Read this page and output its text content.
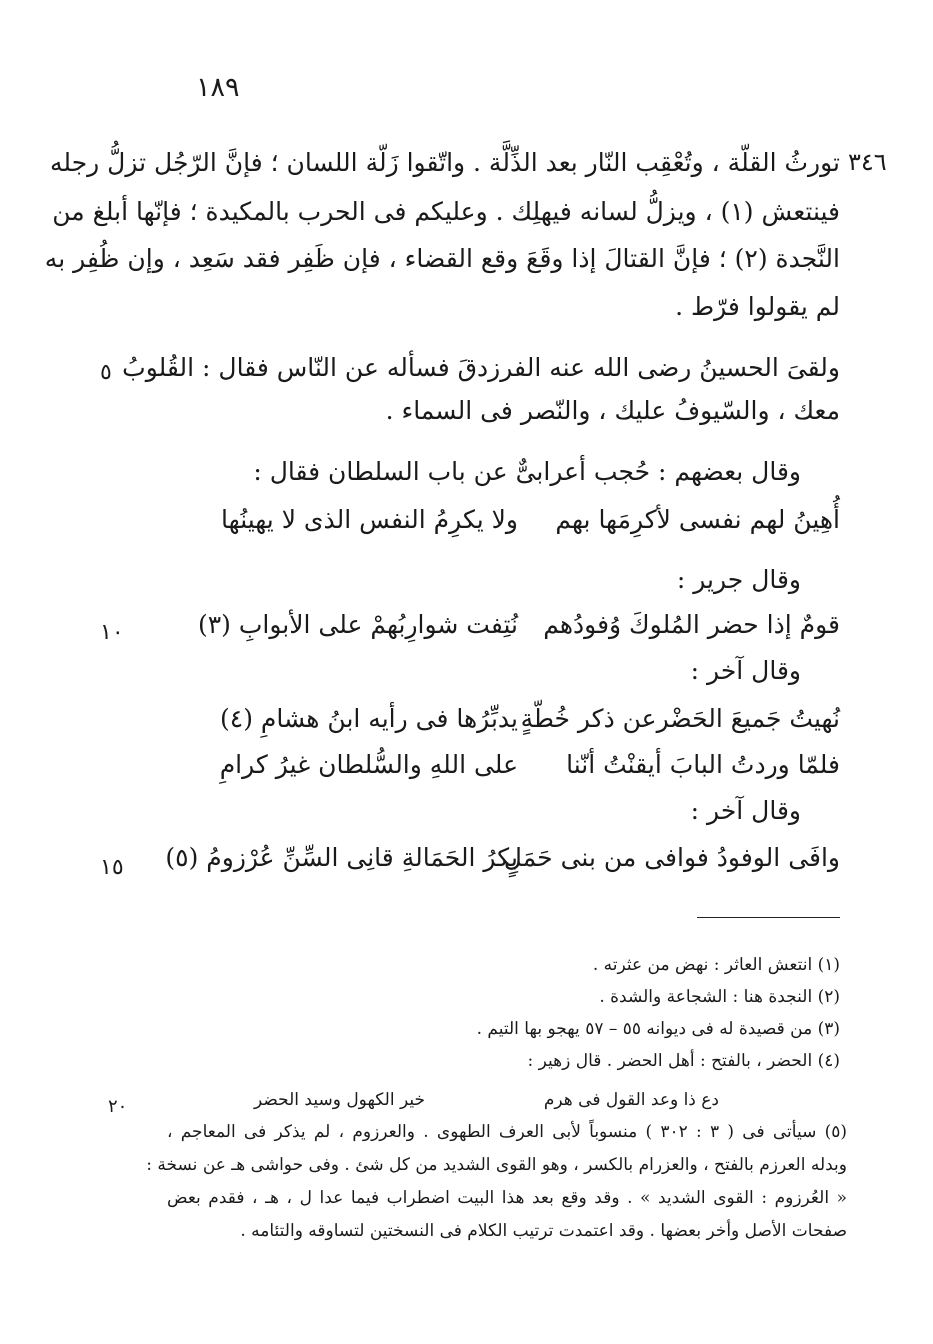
١٨٩
٣٤٦
تورثُ القلّة ، وتُعْقِب النّار بعد الذِّلَّة . واتّقوا زَلّة اللسان ؛ فإنَّ الرّجُل تزلُّ رجله
فينتعش (١) ، ويزلُّ لسانه فيهلِك . وعليكم فى الحرب بالمكيدة ؛ فإنّها أبلغ من
النَّجدة (٢) ؛ فإنَّ القتالَ إذا وقَعَ وقع القضاء ، فإن ظَفِر فقد سَعِد ، وإن ظُفِر به
لم يقولوا فرّط .
٥ ولقىَ الحسينُ رضى الله عنه الفرزدقَ فسأله عن النّاس فقال : القُلوبُ
معك ، والسّيوفُ عليك ، والنّصر فى السماء .
وقال بعضهم : حُجب أعرابىٌّ عن باب السلطان فقال :
أُهِينُ لهم نفسى لأكرِمَها بهم
ولا يكرِمُ النفس الذى لا يهينُها
وقال جرير :
١٠	قومٌ إذا حضر المُلوكَ وُفودُهم
نُتِفت شوارِبُهمْ على الأبوابِ (٣)
وقال آخر :
نُهيتُ جَميعَ الحَضْرعن ذكر خُطّةٍ
يدبِّرُها فى رأيه ابنُ هشامِ (٤)
فلمّا وردتُ البابَ أيقنْتُ أنّنا
على اللهِ والسُّلطان غيرُ كرامِ
وقال آخر :
١٥	وافَى الوفودُ فوافى من بنى حَمَلٍ
بِكرُ الحَمَالةِ قانِى السِّنِّ عُرْزومُ (٥)
(١) انتعش العاثر : نهض من عثرته .
(٢) النجدة هنا : الشجاعة والشدة .
(٣) من قصيدة له فى ديوانه ٥٥ – ٥٧ يهجو بها التيم .
(٤) الحضر ، بالفتح : أهل الحضر . قال زهير :
دع ذا وعد القول فى هرم
خير الكهول وسيد الحضر
٢٠
(٥) سيأتى فى ( ٣ : ٣٠٢ ) منسوباً لأبى العرف الطهوى . والعرزوم ، لم يذكر فى المعاجم ،
وبدله العرزم بالفتح ، والعزرام بالكسر ، وهو القوى الشديد من كل شئ . وفى حواشى هـ عن نسخة :
« العُرزوم : القوى الشديد » . وقد وقع بعد هذا البيت اضطراب فيما عدا ل ، هـ ، فقدم بعض
صفحات الأصل وأخر بعضها . وقد اعتمدت ترتيب الكلام فى النسختين لتساوقه والتئامه .
